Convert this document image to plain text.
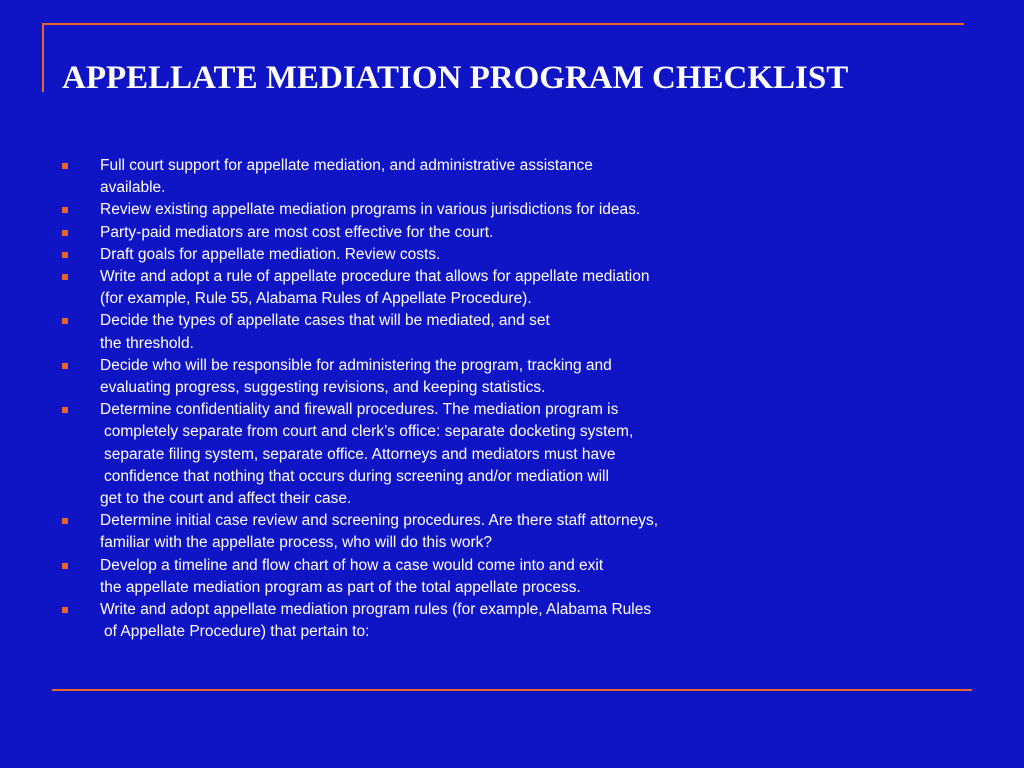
APPELLATE MEDIATION PROGRAM CHECKLIST
Full court support for appellate mediation, and administrative assistance
available.
Review existing appellate mediation programs in various jurisdictions for ideas.
Party-paid mediators are most cost effective for the court.
Draft goals for appellate mediation. Review costs.
Write and adopt a rule of appellate procedure that allows for appellate mediation
(for example, Rule 55, Alabama Rules of Appellate Procedure).
Decide the types of appellate cases that will be mediated, and set
the threshold.
Decide who will be responsible for administering the program, tracking and
evaluating progress, suggesting revisions, and keeping statistics.
Determine confidentiality and firewall procedures. The mediation program is
completely separate from court and clerk’s office: separate docketing system,
separate filing system, separate office. Attorneys and mediators must have
confidence that nothing that occurs during screening and/or mediation will
get to the court and affect their case.
Determine initial case review and screening procedures. Are there staff attorneys,
familiar with the appellate process, who will do this work?
Develop a timeline and flow chart of how a case would come into and exit
the appellate mediation program as part of the total appellate process.
Write and adopt appellate mediation program rules (for example, Alabama Rules
of Appellate Procedure) that pertain to:
